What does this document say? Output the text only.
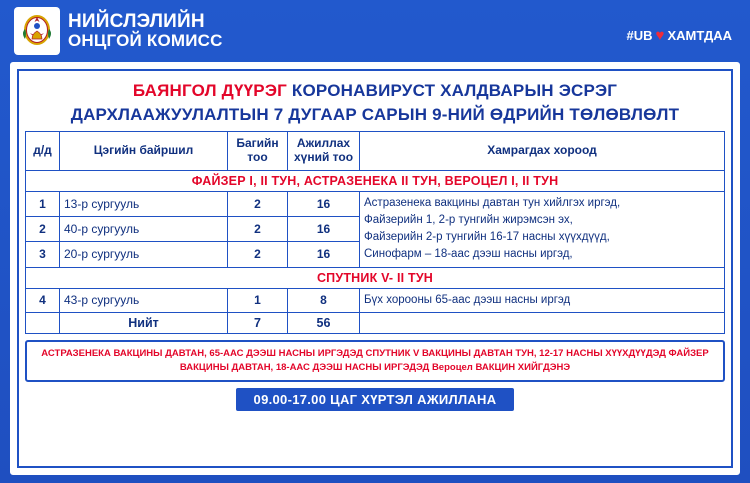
НИЙСЛЭЛИЙН
ОНЦГОЙ КОМИСС	#UB ♥ ХАМТДАА
БАЯНГОЛ ДҮҮРЭГ КОРОНАВИРУСТ ХАЛДВАРЫН ЭСРЭГ
ДАРХЛААЖУУЛАЛТЫН 7 ДУГААР САРЫН 9-НИЙ ӨДРИЙН ТӨЛӨВЛӨЛТ
д/д	Цэгийн байршил	Багийн тоо	Ажиллах хүний тоо	Хамрагдах хороод
ФАЙЗЕР I, II ТУН, АСТРАЗЕНЕКА II ТУН, ВЕРОЦЕЛ I, II ТУН				
1	13-р сургууль	2	16	Астразенека вакцины давтан тун хийлгэх иргэд,
Файзерийн 1, 2-р тунгийн жирэмсэн эх,
Файзерийн 2-р тунгийн 16-17 насны хүүхдүүд,
Синофарм – 18-аас дээш насны иргэд,

2	40-р сургууль	2	16	
3	20-р сургууль	2	16	
СПУТНИК V- II ТУН				
4	43-р сургууль	1	8	Бүх хорооны 65-аас дээш насны иргэд
	Нийт	7	56	
АСТРАЗЕНЕКА ВАКЦИНЫ ДАВТАН, 65-ААС ДЭЭШ НАСНЫ ИРГЭДЭД СПУТНИК V ВАКЦИНЫ ДАВТАН ТУН, 12-17 НАСНЫ ХҮҮХДҮҮДЭД ФАЙЗЕР ВАКЦИНЫ ДАВТАН, 18-ААС ДЭЭШ НАСНЫ ИРГЭДЭД Вероцел ВАКЦИН ХИЙГДЭНЭ
09.00-17.00 ЦАГ ХҮРТЭЛ АЖИЛЛАНА
